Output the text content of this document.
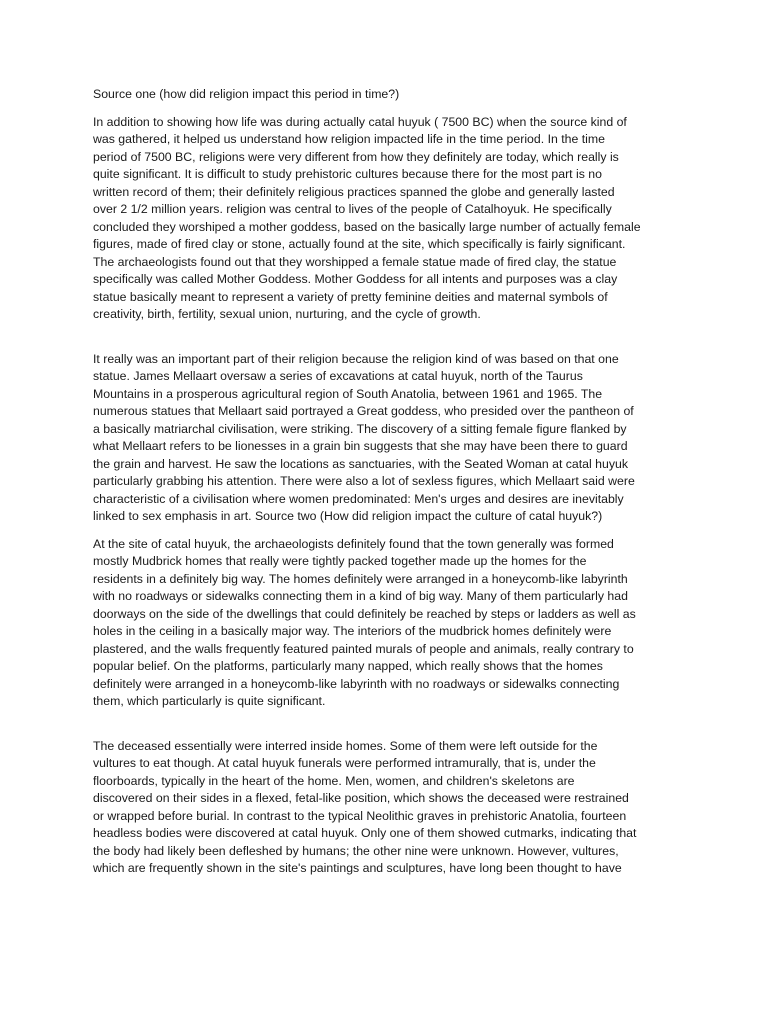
Source one (how did religion impact this period in time?)

In addition to showing how life was during actually catal huyuk ( 7500 BC) when the source kind of
was gathered, it helped us understand how religion impacted life in the time period. In the time
period of 7500 BC, religions were very different from how they definitely are today, which really is
quite significant. It is difficult to study prehistoric cultures because there for the most part is no
written record of them; their definitely religious practices spanned the globe and generally lasted
over 2 1/2 million years. religion was central to lives of the people of Catalhoyuk. He specifically
concluded they worshiped a mother goddess, based on the basically large number of actually female
figures, made of fired clay or stone, actually found at the site, which specifically is fairly significant.
The archaeologists found out that they worshipped a female statue made of fired clay, the statue
specifically was called Mother Goddess. Mother Goddess for all intents and purposes was a clay
statue basically meant to represent a variety of pretty feminine deities and maternal symbols of
creativity, birth, fertility, sexual union, nurturing, and the cycle of growth.

It really was an important part of their religion because the religion kind of was based on that one
statue. James Mellaart oversaw a series of excavations at catal huyuk, north of the Taurus
Mountains in a prosperous agricultural region of South Anatolia, between 1961 and 1965. The
numerous statues that Mellaart said portrayed a Great goddess, who presided over the pantheon of
a basically matriarchal civilisation, were striking. The discovery of a sitting female figure flanked by
what Mellaart refers to be lionesses in a grain bin suggests that she may have been there to guard
the grain and harvest. He saw the locations as sanctuaries, with the Seated Woman at catal huyuk
particularly grabbing his attention. There were also a lot of sexless figures, which Mellaart said were
characteristic of a civilisation where women predominated: Men's urges and desires are inevitably
linked to sex emphasis in art. Source two (How did religion impact the culture of catal huyuk?)

At the site of catal huyuk, the archaeologists definitely found that the town generally was formed
mostly Mudbrick homes that really were tightly packed together made up the homes for the
residents in a definitely big way. The homes definitely were arranged in a honeycomb-like labyrinth
with no roadways or sidewalks connecting them in a kind of big way. Many of them particularly had
doorways on the side of the dwellings that could definitely be reached by steps or ladders as well as
holes in the ceiling in a basically major way. The interiors of the mudbrick homes definitely were
plastered, and the walls frequently featured painted murals of people and animals, really contrary to
popular belief. On the platforms, particularly many napped, which really shows that the homes
definitely were arranged in a honeycomb-like labyrinth with no roadways or sidewalks connecting
them, which particularly is quite significant.

The deceased essentially were interred inside homes. Some of them were left outside for the
vultures to eat though. At catal huyuk funerals were performed intramurally, that is, under the
floorboards, typically in the heart of the home. Men, women, and children's skeletons are
discovered on their sides in a flexed, fetal-like position, which shows the deceased were restrained
or wrapped before burial. In contrast to the typical Neolithic graves in prehistoric Anatolia, fourteen
headless bodies were discovered at catal huyuk. Only one of them showed cutmarks, indicating that
the body had likely been defleshed by humans; the other nine were unknown. However, vultures,
which are frequently shown in the site's paintings and sculptures, have long been thought to have
